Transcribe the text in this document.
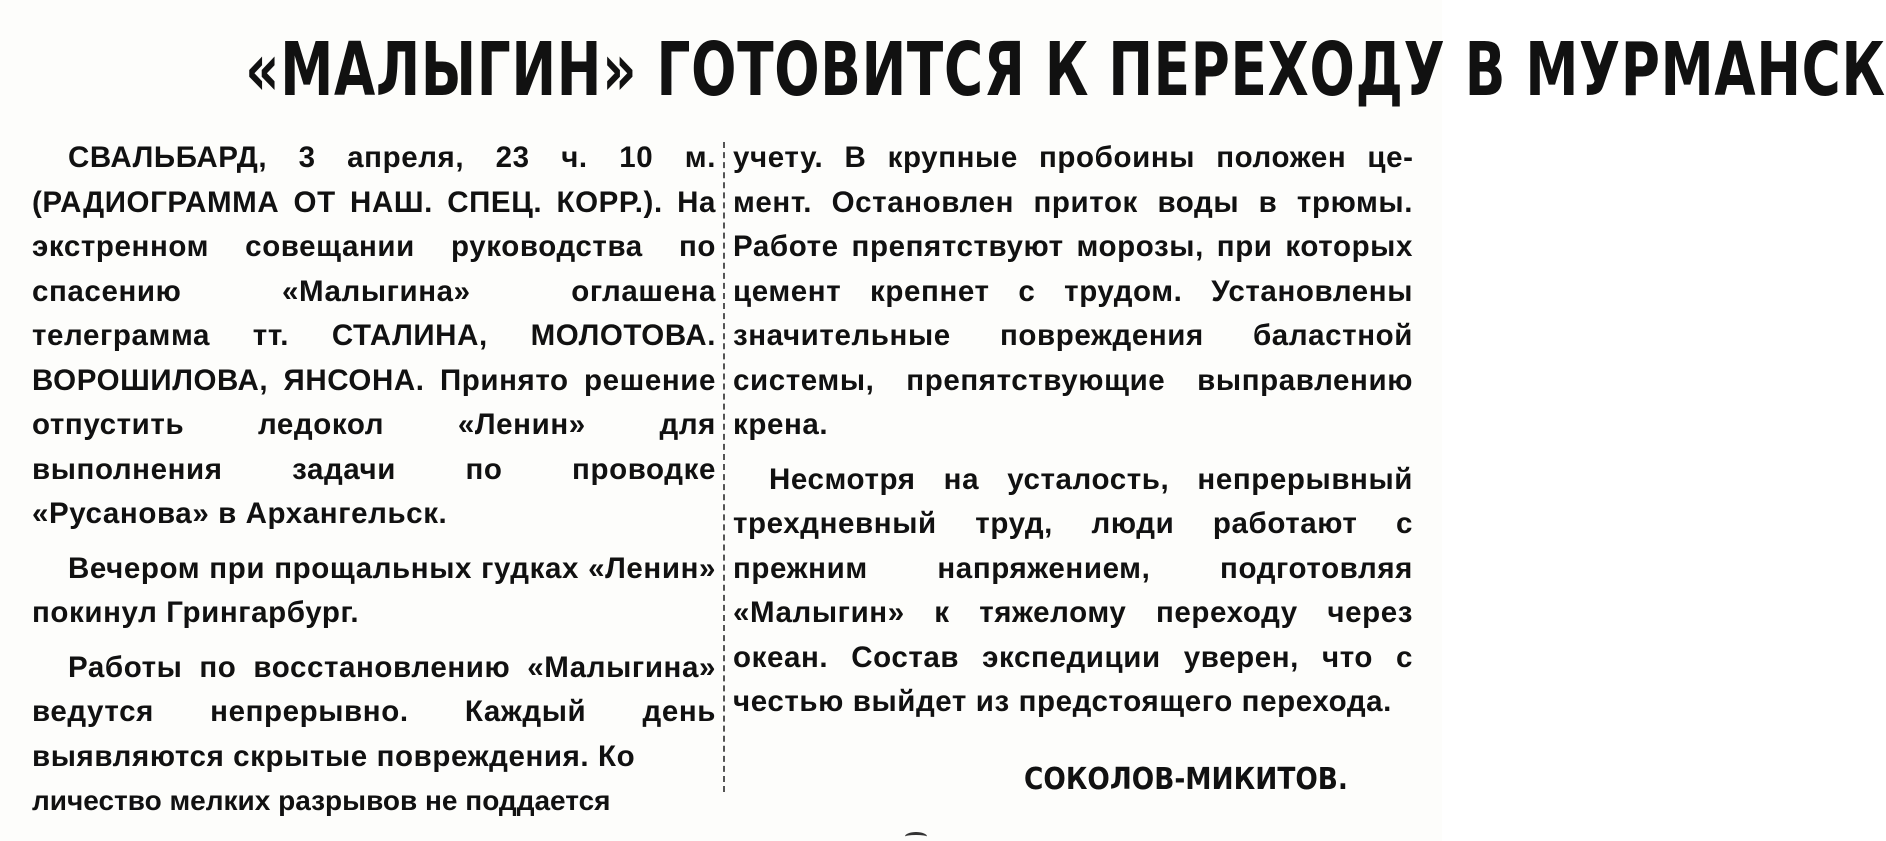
«МАЛЫГИН» ГОТОВИТСЯ К ПЕРЕХОДУ В МУРМАНСК

СВАЛЬБАРД, 3 апреля, 23 ч. 10 м. (РАДИОГРАММА ОТ НАШ. СПЕЦ. КОРР.). На экстренном совещании руководства по спасению «Малыгина» оглашена телеграмма тт. СТАЛИНА, МОЛОТОВА. ВОРОШИЛОВА, ЯНСОНА. Принято решение отпустить ледокол «Ленин» для выполнения задачи по проводке «Русанова» в Архангельск.

Вечером при прощальных гудках «Ленин» покинул Грингарбург.

Работы по восстановлению «Малыгина» ведутся непрерывно. Каждый день выявляются скрытые повреждения. Ко

личество мелких разрывов не поддается

учету. В крупные пробоины положен цемент. Остановлен приток воды в трюмы. Работе препятствуют морозы, при которых цемент крепнет с трудом. Установлены значительные повреждения баластной системы, препятствующие выправлению крена.

Несмотря на усталость, непрерывный трехдневный труд, люди работают с прежним напряжением, подготовляя «Малыгин» к тяжелому переходу через океан. Состав экспедиции уверен, что с честью выйдет из предстоящего перехода.

СОКОЛОВ-МИКИТОВ.
